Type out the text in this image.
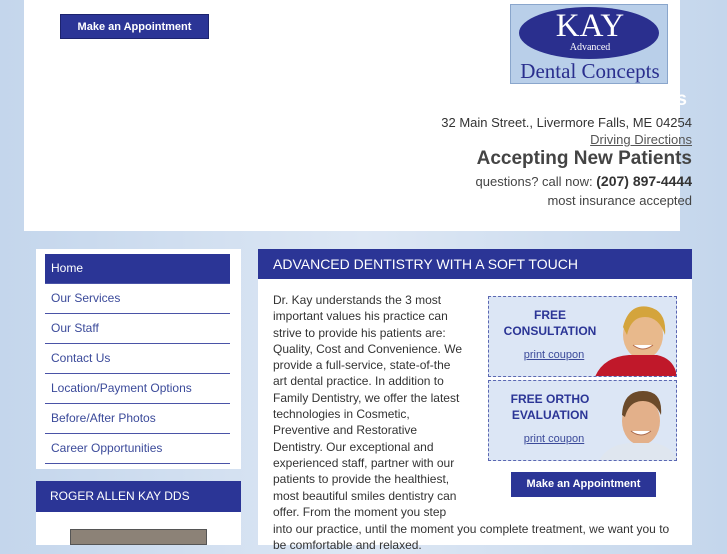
Make an Appointment	KAY
Advanced
Dental Concepts
ts
32 Main Street., Livermore Falls, ME 04254
Driving Directions
Accepting New Patients
questions? call now: (207) 897-4444
most insurance accepted
Home
Our Services
Our Staff
Contact Us
Location/Payment Options
Before/After Photos
Career Opportunities
ROGER ALLEN KAY DDS
ADVANCED DENTISTRY WITH A SOFT TOUCH
Dr. Kay understands the 3 most important values his practice can strive to provide his patients are: Quality, Cost and Convenience. We provide a full-service, state-of-the art dental practice. In addition to Family Dentistry, we offer the latest technologies in Cosmetic, Preventive and Restorative Dentistry. Our exceptional and experienced staff, partner with our patients to provide the healthiest, most beautiful smiles dentistry can offer. From the moment you step
into our practice, until the moment you complete treatment, we want you to be comfortable and relaxed.
FREE
CONSULTATION
print coupon
FREE ORTHO
EVALUATION
print coupon
Make an Appointment
